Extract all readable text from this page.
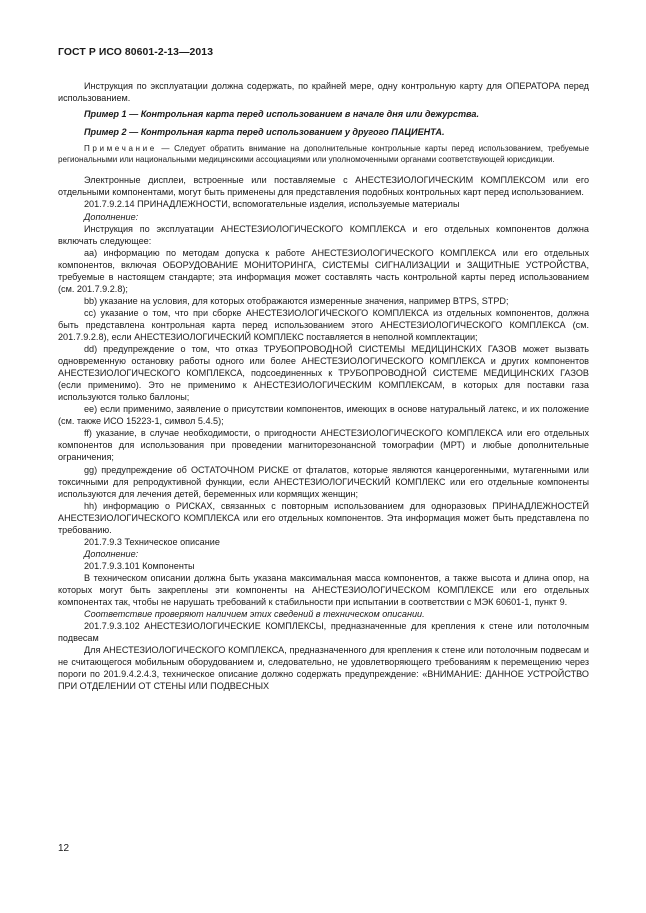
ГОСТ Р ИСО 80601-2-13—2013

Инструкция по эксплуатации должна содержать, по крайней мере, одну контрольную карту для ОПЕРАТОРА перед использованием.

Пример 1 — Контрольная карта перед использованием в начале дня или дежурства.

Пример 2 — Контрольная карта перед использованием у другого ПАЦИЕНТА.

Примечание — Следует обратить внимание на дополнительные контрольные карты перед использованием, требуемые региональными или национальными медицинскими ассоциациями или уполномоченными органами соответствующей юрисдикции.

Электронные дисплеи, встроенные или поставляемые с АНЕСТЕЗИОЛОГИЧЕСКИМ КОМПЛЕКСОМ или его отдельными компонентами, могут быть применены для представления подобных контрольных карт перед использованием.

201.7.9.2.14 ПРИНАДЛЕЖНОСТИ, вспомогательные изделия, используемые материалы

Дополнение:

Инструкция по эксплуатации АНЕСТЕЗИОЛОГИЧЕСКОГО КОМПЛЕКСА и его отдельных компонентов должна включать следующее:

аа) информацию по методам допуска к работе АНЕСТЕЗИОЛОГИЧЕСКОГО КОМПЛЕКСА или его отдельных компонентов, включая ОБОРУДОВАНИЕ МОНИТОРИНГА, СИСТЕМЫ СИГНАЛИЗАЦИИ и ЗАЩИТНЫЕ УСТРОЙСТВА, требуемые в настоящем стандарте; эта информация может составлять часть контрольной карты перед использованием (см. 201.7.9.2.8);

bb) указание на условия, для которых отображаются измеренные значения, например BTPS, STPD;

cc) указание о том, что при сборке АНЕСТЕЗИОЛОГИЧЕСКОГО КОМПЛЕКСА из отдельных компонентов, должна быть представлена контрольная карта перед использованием этого АНЕСТЕЗИОЛОГИЧЕСКОГО КОМПЛЕКСА (см. 201.7.9.2.8), если АНЕСТЕЗИОЛОГИЧЕСКИЙ КОМПЛЕКС поставляется в неполной комплектации;

dd) предупреждение о том, что отказ ТРУБОПРОВОДНОЙ СИСТЕМЫ МЕДИЦИНСКИХ ГАЗОВ может вызвать одновременную остановку работы одного или более АНЕСТЕЗИОЛОГИЧЕСКОГО КОМПЛЕКСА и других компонентов АНЕСТЕЗИОЛОГИЧЕСКОГО КОМПЛЕКСА, подсоединенных к ТРУБОПРОВОДНОЙ СИСТЕМЕ МЕДИЦИНСКИХ ГАЗОВ (если применимо). Это не применимо к АНЕСТЕЗИОЛОГИЧЕСКИМ КОМПЛЕКСАМ, в которых для поставки газа используются только баллоны;

ее) если применимо, заявление о присутствии компонентов, имеющих в основе натуральный латекс, и их положение (см. также ИСО 15223-1, символ 5.4.5);

ff) указание, в случае необходимости, о пригодности АНЕСТЕЗИОЛОГИЧЕСКОГО КОМПЛЕКСА или его отдельных компонентов для использования при проведении магниторезонансной томографии (МРТ) и любые дополнительные ограничения;

gg) предупреждение об ОСТАТОЧНОМ РИСКЕ от фталатов, которые являются канцерогенными, мутагенными или токсичными для репродуктивной функции, если АНЕСТЕЗИОЛОГИЧЕСКИЙ КОМПЛЕКС или его отдельные компоненты используются для лечения детей, беременных или кормящих женщин;

hh) информацию о РИСКАХ, связанных с повторным использованием для одноразовых ПРИНАДЛЕЖНОСТЕЙ АНЕСТЕЗИОЛОГИЧЕСКОГО КОМПЛЕКСА или его отдельных компонентов. Эта информация может быть представлена по требованию.

201.7.9.3 Техническое описание

Дополнение:

201.7.9.3.101 Компоненты

В техническом описании должна быть указана максимальная масса компонентов, а также высота и длина опор, на которых могут быть закреплены эти компоненты на АНЕСТЕЗИОЛОГИЧЕСКОМ КОМПЛЕКСЕ или его отдельных компонентах так, чтобы не нарушать требований к стабильности при испытании в соответствии с МЭК 60601-1, пункт 9.

Соответствие проверяют наличием этих сведений в техническом описании.

201.7.9.3.102 АНЕСТЕЗИОЛОГИЧЕСКИЕ КОМПЛЕКСЫ, предназначенные для крепления к стене или потолочным подвесам

Для АНЕСТЕЗИОЛОГИЧЕСКОГО КОМПЛЕКСА, предназначенного для крепления к стене или потолочным подвесам и не считающегося мобильным оборудованием и, следовательно, не удовлетворяющего требованиям к перемещению через пороги по 201.9.4.2.4.3, техническое описание должно содержать предупреждение: «ВНИМАНИЕ: ДАННОЕ УСТРОЙСТВО ПРИ ОТДЕЛЕНИИ ОТ СТЕНЫ ИЛИ ПОДВЕСНЫХ

12
